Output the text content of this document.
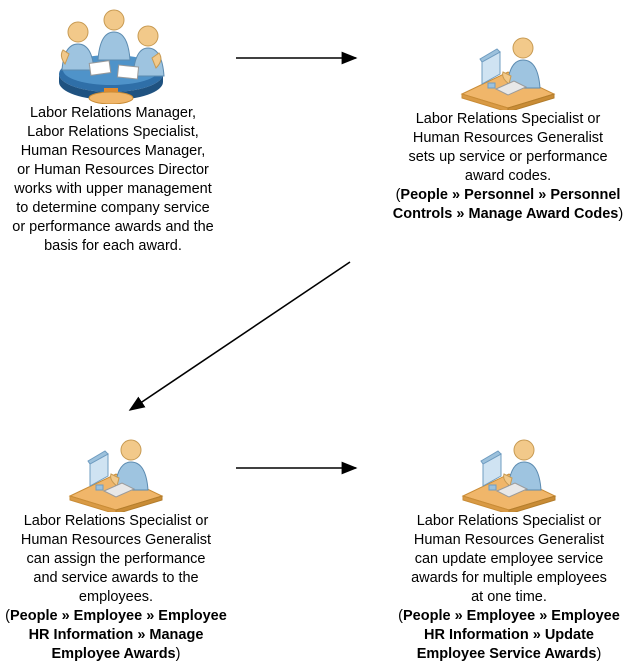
Labor Relations Manager,
Labor Relations Specialist,
Human Resources Manager,
or Human Resources Director
works with upper management
to determine company service
or performance awards and the
basis for each award.
Labor Relations Specialist or
Human Resources Generalist
sets up service or performance
award codes.
(People » Personnel » Personnel Controls » Manage Award Codes)
Labor Relations Specialist or
Human Resources Generalist
can assign the performance
and service awards to the
employees.
(People » Employee » Employee HR Information » Manage Employee Awards)
Labor Relations Specialist or
Human Resources Generalist
can update employee service
awards for multiple employees
at one time.
(People » Employee » Employee HR Information » Update Employee Service Awards)
